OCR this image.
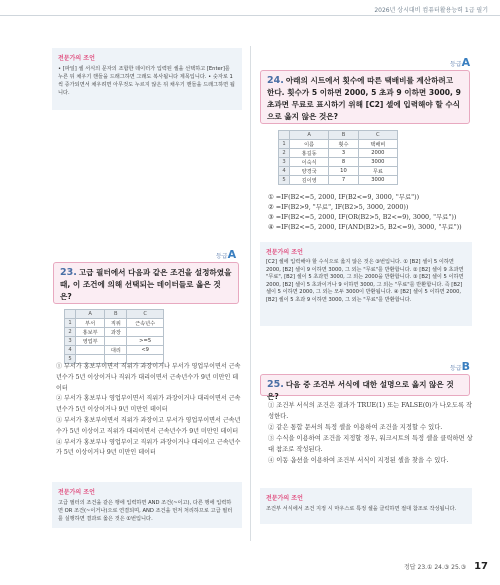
2026년 상시대비 컴퓨터활용능력 1급 필기
전문가의 조언
• [파일] 셀 서식의 문자의 조합한 데이터가 입력된 셀을 선택하고 [Enter]를 누른 뒤 채우기 핸들을 드래그하면 그래도 복사됩니다 제목입니다. • 숫자로 1씩 증가되면서 채우려면 아무것도 누르지 않은 뒤 채우기 핸들을 드래그하면 됩니다.
등급A
24. 아래의 시트에서 횟수에 따른 택배비를 계산하려고 한다. 횟수가 5 이하면 2000, 5 초과 9 이하면 3000, 9 초과면 무료로 표시하기 위해 [C2] 셀에 입력해야 할 수식으로 옳지 않은 것은?
	A	B	C
1	이름	횟수	택배비
2	홍길동	3	2000
3	이숙식	8	3000
4	양경국	10	무료
5	김이영	7	3000
① =IF(B2<=5, 2000, IF(B2<=9, 3000, "무료"))
② =IF(B2>9, "무료", IF(B2>5, 3000, 2000))
③ =IF(B2<=5, 2000, IF(OR(B2>5, B2<=9), 3000, "무료"))
④ =IF(B2<=5, 2000, IF(AND(B2>5, B2<=9), 3000, "무료"))
전문가의 조언
[C2] 셀에 입력해야 할 수식으로 옳지 않은 것은 ③번입니다. ① [B2] 셀이 5 이하면 2000, [B2] 셀이 9 이하면 3000, 그 외는 "무료"를 반환합니다. ② [B2] 셀이 9 초과면 "무료", [B2] 셀이 5 초과면 3000, 그 외는 2000을 반환합니다. ③ [B2] 셀이 5 이하면 2000, [B2] 셀이 5 초과이거나 9 이하면 3000, 그 외는 "무료"를 반환합니다. 즉 [B2] 셀이 5 이하면 2000, 그 외는 모두 3000이 반환됩니다. ④ [B2] 셀이 5 이하면 2000, [B2] 셀이 5 초과 9 이하면 3000, 그 외는 "무료"를 반환합니다.
등급A
23. 고급 필터에서 다음과 같은 조건을 설정하였을 때, 이 조건에 의해 선택되는 데이터들로 옳은 것은?
	A	B	C
1	부서	직위	근속년수
2	홍보부	과장	
3	영업부		>=5
4		대리	<9
5			
① 부서가 홍보부이면서 직위가 과장이거나 부서가 영업부이면서 근속년수가 5년 이상이거나 직위가 대리이면서 근속년수가 9년 미만인 데이터
② 부서가 홍보부나 영업부이면서 직위가 과장이거나 대리이면서 근속년수가 5년 이상이거나 9년 미만인 데이터
③ 부서가 홍보부이면서 직위가 과장이고 부서가 영업부이면서 근속년수가 5년 이상이고 직위가 대리이면서 근속년수가 9년 미만인 데이터
④ 부서가 홍보부나 영업부이고 직위가 과장이거나 대리이고 근속년수가 5년 이상이거나 9년 미만인 데이터
전문가의 조언
고급 필터의 조건을 같은 행에 입력하면 AND 조건(~이고), 다른 행에 입력하면 OR 조건(~이거나)으로 연결되며, AND 조건을 먼저 처리하므로 고급 필터를 실행하면 결과로 옳은 것은 ①번입니다.
등급B
25. 다음 중 조건부 서식에 대한 설명으로 옳지 않은 것은?
① 조건부 서식의 조건은 결과가 TRUE(1) 또는 FALSE(0)가 나오도록 작성한다.
② 같은 통합 문서의 특정 셀을 이용하여 조건을 지정할 수 있다.
③ 수식을 이용하여 조건을 지정할 경우, 워크시트의 특정 셀을 클릭하면 상대 참조로 작성된다.
④ 이동 옵션을 이용하여 조건부 서식이 지정된 셀을 찾을 수 있다.
전문가의 조언
조건부 서식에서 조건 지정 시 마우스로 특정 셀을 클릭하면 절대 참조로 작성됩니다.
정답 23.① 24.③ 25.③ 17
